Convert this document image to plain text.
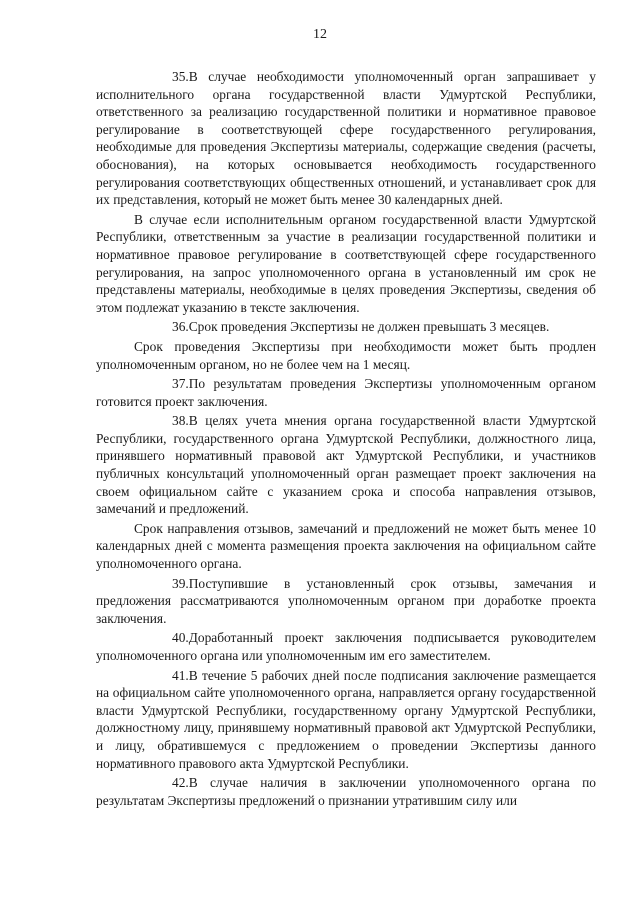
12

35.В случае необходимости уполномоченный орган запрашивает у исполнительного органа государственной власти Удмуртской Республики, ответственного за реализацию государственной политики и нормативное правовое регулирование в соответствующей сфере государственного регулирования, необходимые для проведения Экспертизы материалы, содержащие сведения (расчеты, обоснования), на которых основывается необходимость государственного регулирования соответствующих общественных отношений, и устанавливает срок для их представления, который не может быть менее 30 календарных дней.

В случае если исполнительным органом государственной власти Удмуртской Республики, ответственным за участие в реализации государственной политики и нормативное правовое регулирование в соответствующей сфере государственного регулирования, на запрос уполномоченного органа в установленный им срок не представлены материалы, необходимые в целях проведения Экспертизы, сведения об этом подлежат указанию в тексте заключения.

36.Срок проведения Экспертизы не должен превышать 3 месяцев.

Срок проведения Экспертизы при необходимости может быть продлен уполномоченным органом, но не более чем на 1 месяц.

37.По результатам проведения Экспертизы уполномоченным органом готовится проект заключения.

38.В целях учета мнения органа государственной власти Удмуртской Республики, государственного органа Удмуртской Республики, должностного лица, принявшего нормативный правовой акт Удмуртской Республики, и участников публичных консультаций уполномоченный орган размещает проект заключения на своем официальном сайте с указанием срока и способа направления отзывов, замечаний и предложений.

Срок направления отзывов, замечаний и предложений не может быть менее 10 календарных дней с момента размещения проекта заключения на официальном сайте уполномоченного органа.

39.Поступившие в установленный срок отзывы, замечания и предложения рассматриваются уполномоченным органом при доработке проекта заключения.

40.Доработанный проект заключения подписывается руководителем уполномоченного органа или уполномоченным им его заместителем.

41.В течение 5 рабочих дней после подписания заключение размещается на официальном сайте уполномоченного органа, направляется органу государственной власти Удмуртской Республики, государственному органу Удмуртской Республики, должностному лицу, принявшему нормативный правовой акт Удмуртской Республики, и лицу, обратившемуся с предложением о проведении Экспертизы данного нормативного правового акта Удмуртской Республики.

42.В случае наличия в заключении уполномоченного органа по результатам Экспертизы предложений о признании утратившим силу или
